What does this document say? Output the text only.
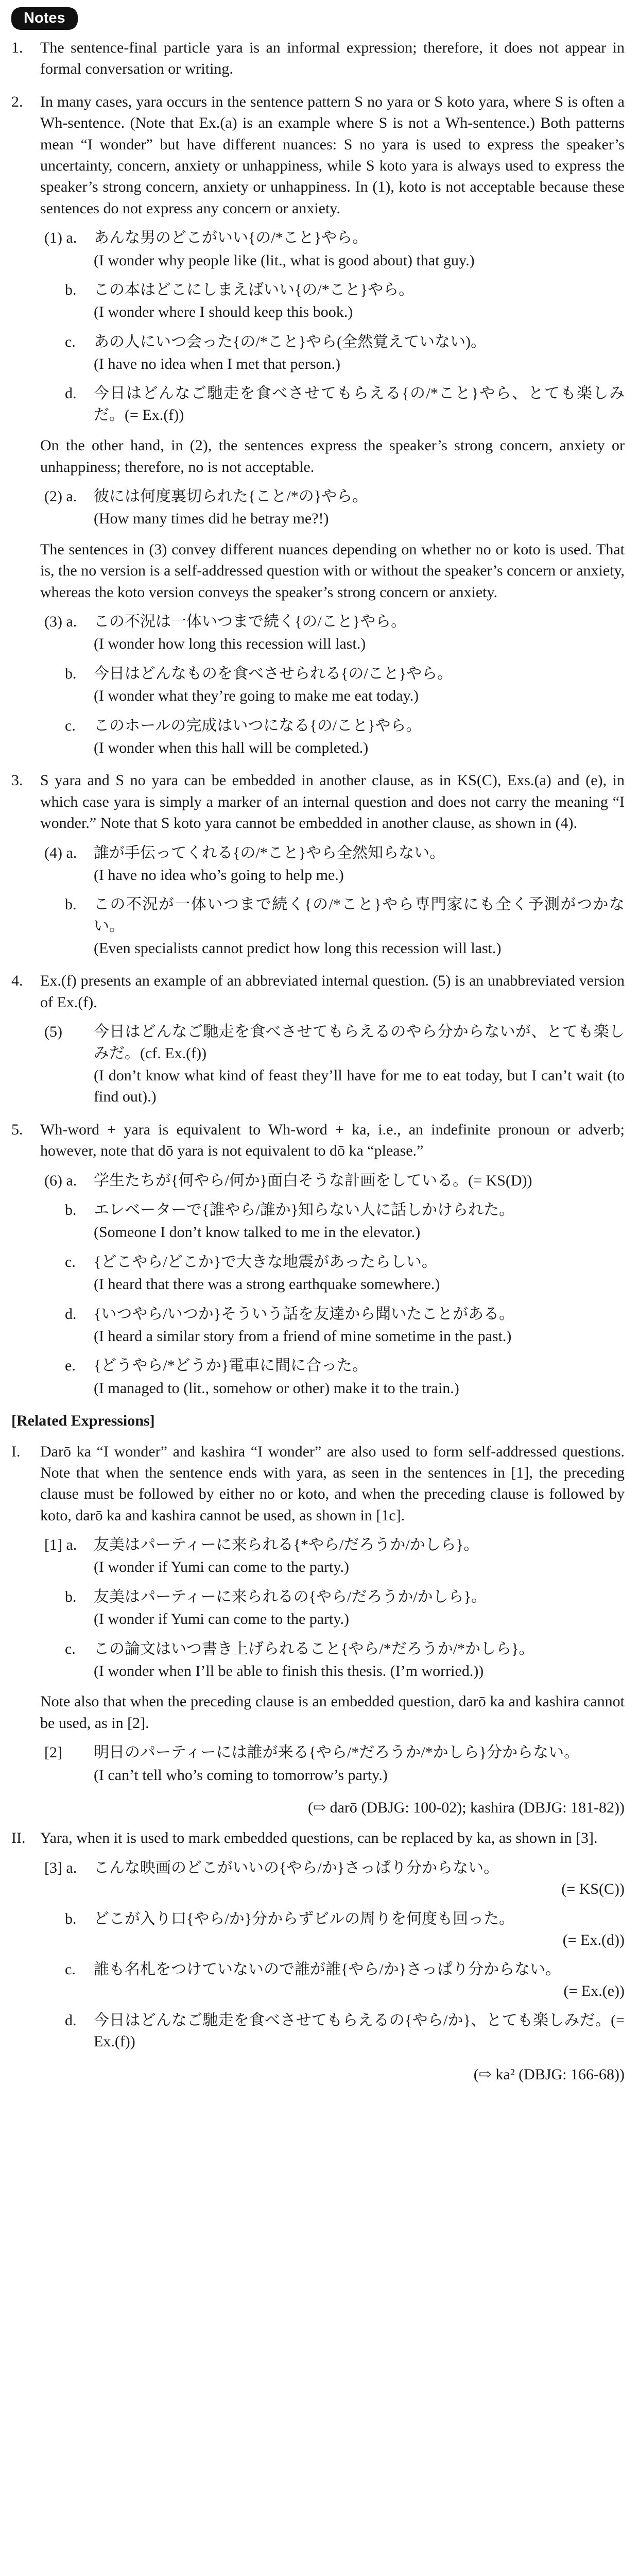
Notes
1.	The sentence-final particle yara is an informal expression; therefore, it does not appear in formal conversation or writing.
2.	In many cases, yara occurs in the sentence pattern S no yara or S koto yara, where S is often a Wh-sentence. (Note that Ex.(a) is an example where S is not a Wh-sentence.) Both patterns mean “I wonder” but have different nuances: S no yara is used to express the speaker’s uncertainty, concern, anxiety or unhappiness, while S koto yara is always used to express the speaker’s strong concern, anxiety or unhappiness. In (1), koto is not acceptable because these sentences do not express any concern or anxiety.
(1) a.	あんな男のどこがいい{の/*こと}やら。
(I wonder why people like (lit., what is good about) that guy.)
b.	この本はどこにしまえばいい{の/*こと}やら。
(I wonder where I should keep this book.)
c.	あの人にいつ会った{の/*こと}やら(全然覚えていない)。
(I have no idea when I met that person.)
d.	今日はどんなご馳走を食べさせてもらえる{の/*こと}やら、とても楽しみだ。(= Ex.(f))
On the other hand, in (2), the sentences express the speaker’s strong concern, anxiety or unhappiness; therefore, no is not acceptable.
(2) a.	彼には何度裏切られた{こと/*の}やら。
(How many times did he betray me?!)
The sentences in (3) convey different nuances depending on whether no or koto is used. That is, the no version is a self-addressed question with or without the speaker’s concern or anxiety, whereas the koto version conveys the speaker’s strong concern or anxiety.
(3) a.	この不況は一体いつまで続く{の/こと}やら。
(I wonder how long this recession will last.)
b.	今日はどんなものを食べさせられる{の/こと}やら。
(I wonder what they’re going to make me eat today.)
c.	このホールの完成はいつになる{の/こと}やら。
(I wonder when this hall will be completed.)
3.	S yara and S no yara can be embedded in another clause, as in KS(C), Exs.(a) and (e), in which case yara is simply a marker of an internal question and does not carry the meaning “I wonder.” Note that S koto yara cannot be embedded in another clause, as shown in (4).
(4) a.	誰が手伝ってくれる{の/*こと}やら全然知らない。
(I have no idea who’s going to help me.)
b.	この不況が一体いつまで続く{の/*こと}やら専門家にも全く予測がつかない。
(Even specialists cannot predict how long this recession will last.)
4.	Ex.(f) presents an example of an abbreviated internal question. (5) is an unabbreviated version of Ex.(f).
(5)	今日はどんなご馳走を食べさせてもらえるのやら分からないが、とても楽しみだ。(cf. Ex.(f))
(I don’t know what kind of feast they’ll have for me to eat today, but I can’t wait (to find out).)
5.	Wh-word + yara is equivalent to Wh-word + ka, i.e., an indefinite pronoun or adverb; however, note that dō yara is not equivalent to dō ka “please.”
(6) a.	学生たちが{何やら/何か}面白そうな計画をしている。(= KS(D))
b.	エレベーターで{誰やら/誰か}知らない人に話しかけられた。
(Someone I don’t know talked to me in the elevator.)
c.	{どこやら/どこか}で大きな地震があったらしい。
(I heard that there was a strong earthquake somewhere.)
d.	{いつやら/いつか}そういう話を友達から聞いたことがある。
(I heard a similar story from a friend of mine sometime in the past.)
e.	{どうやら/*どうか}電車に間に合った。
(I managed to (lit., somehow or other) make it to the train.)
[Related Expressions]
I.	Darō ka “I wonder” and kashira “I wonder” are also used to form self-addressed questions. Note that when the sentence ends with yara, as seen in the sentences in [1], the preceding clause must be followed by either no or koto, and when the preceding clause is followed by koto, darō ka and kashira cannot be used, as shown in [1c].
[1] a.	友美はパーティーに来られる{*やら/だろうか/かしら}。
(I wonder if Yumi can come to the party.)
b.	友美はパーティーに来られるの{やら/だろうか/かしら}。
(I wonder if Yumi can come to the party.)
c.	この論文はいつ書き上げられること{やら/*だろうか/*かしら}。
(I wonder when I’ll be able to finish this thesis. (I’m worried.))
Note also that when the preceding clause is an embedded question, darō ka and kashira cannot be used, as in [2].
[2]	明日のパーティーには誰が来る{やら/*だろうか/*かしら}分からない。
(I can’t tell who’s coming to tomorrow’s party.)
(⇨ darō (DBJG: 100-02); kashira (DBJG: 181-82))
II. Yara, when it is used to mark embedded questions, can be replaced by ka, as shown in [3].
[3] a.	こんな映画のどこがいいの{やら/か}さっぱり分からない。
(= KS(C))
b.	どこが入り口{やら/か}分からずビルの周りを何度も回った。
(= Ex.(d))
c.	誰も名札をつけていないので誰が誰{やら/か}さっぱり分からない。
(= Ex.(e))
d.	今日はどんなご馳走を食べさせてもらえるの{やら/か}、とても楽しみだ。(= Ex.(f))
(⇨ ka² (DBJG: 166-68))
